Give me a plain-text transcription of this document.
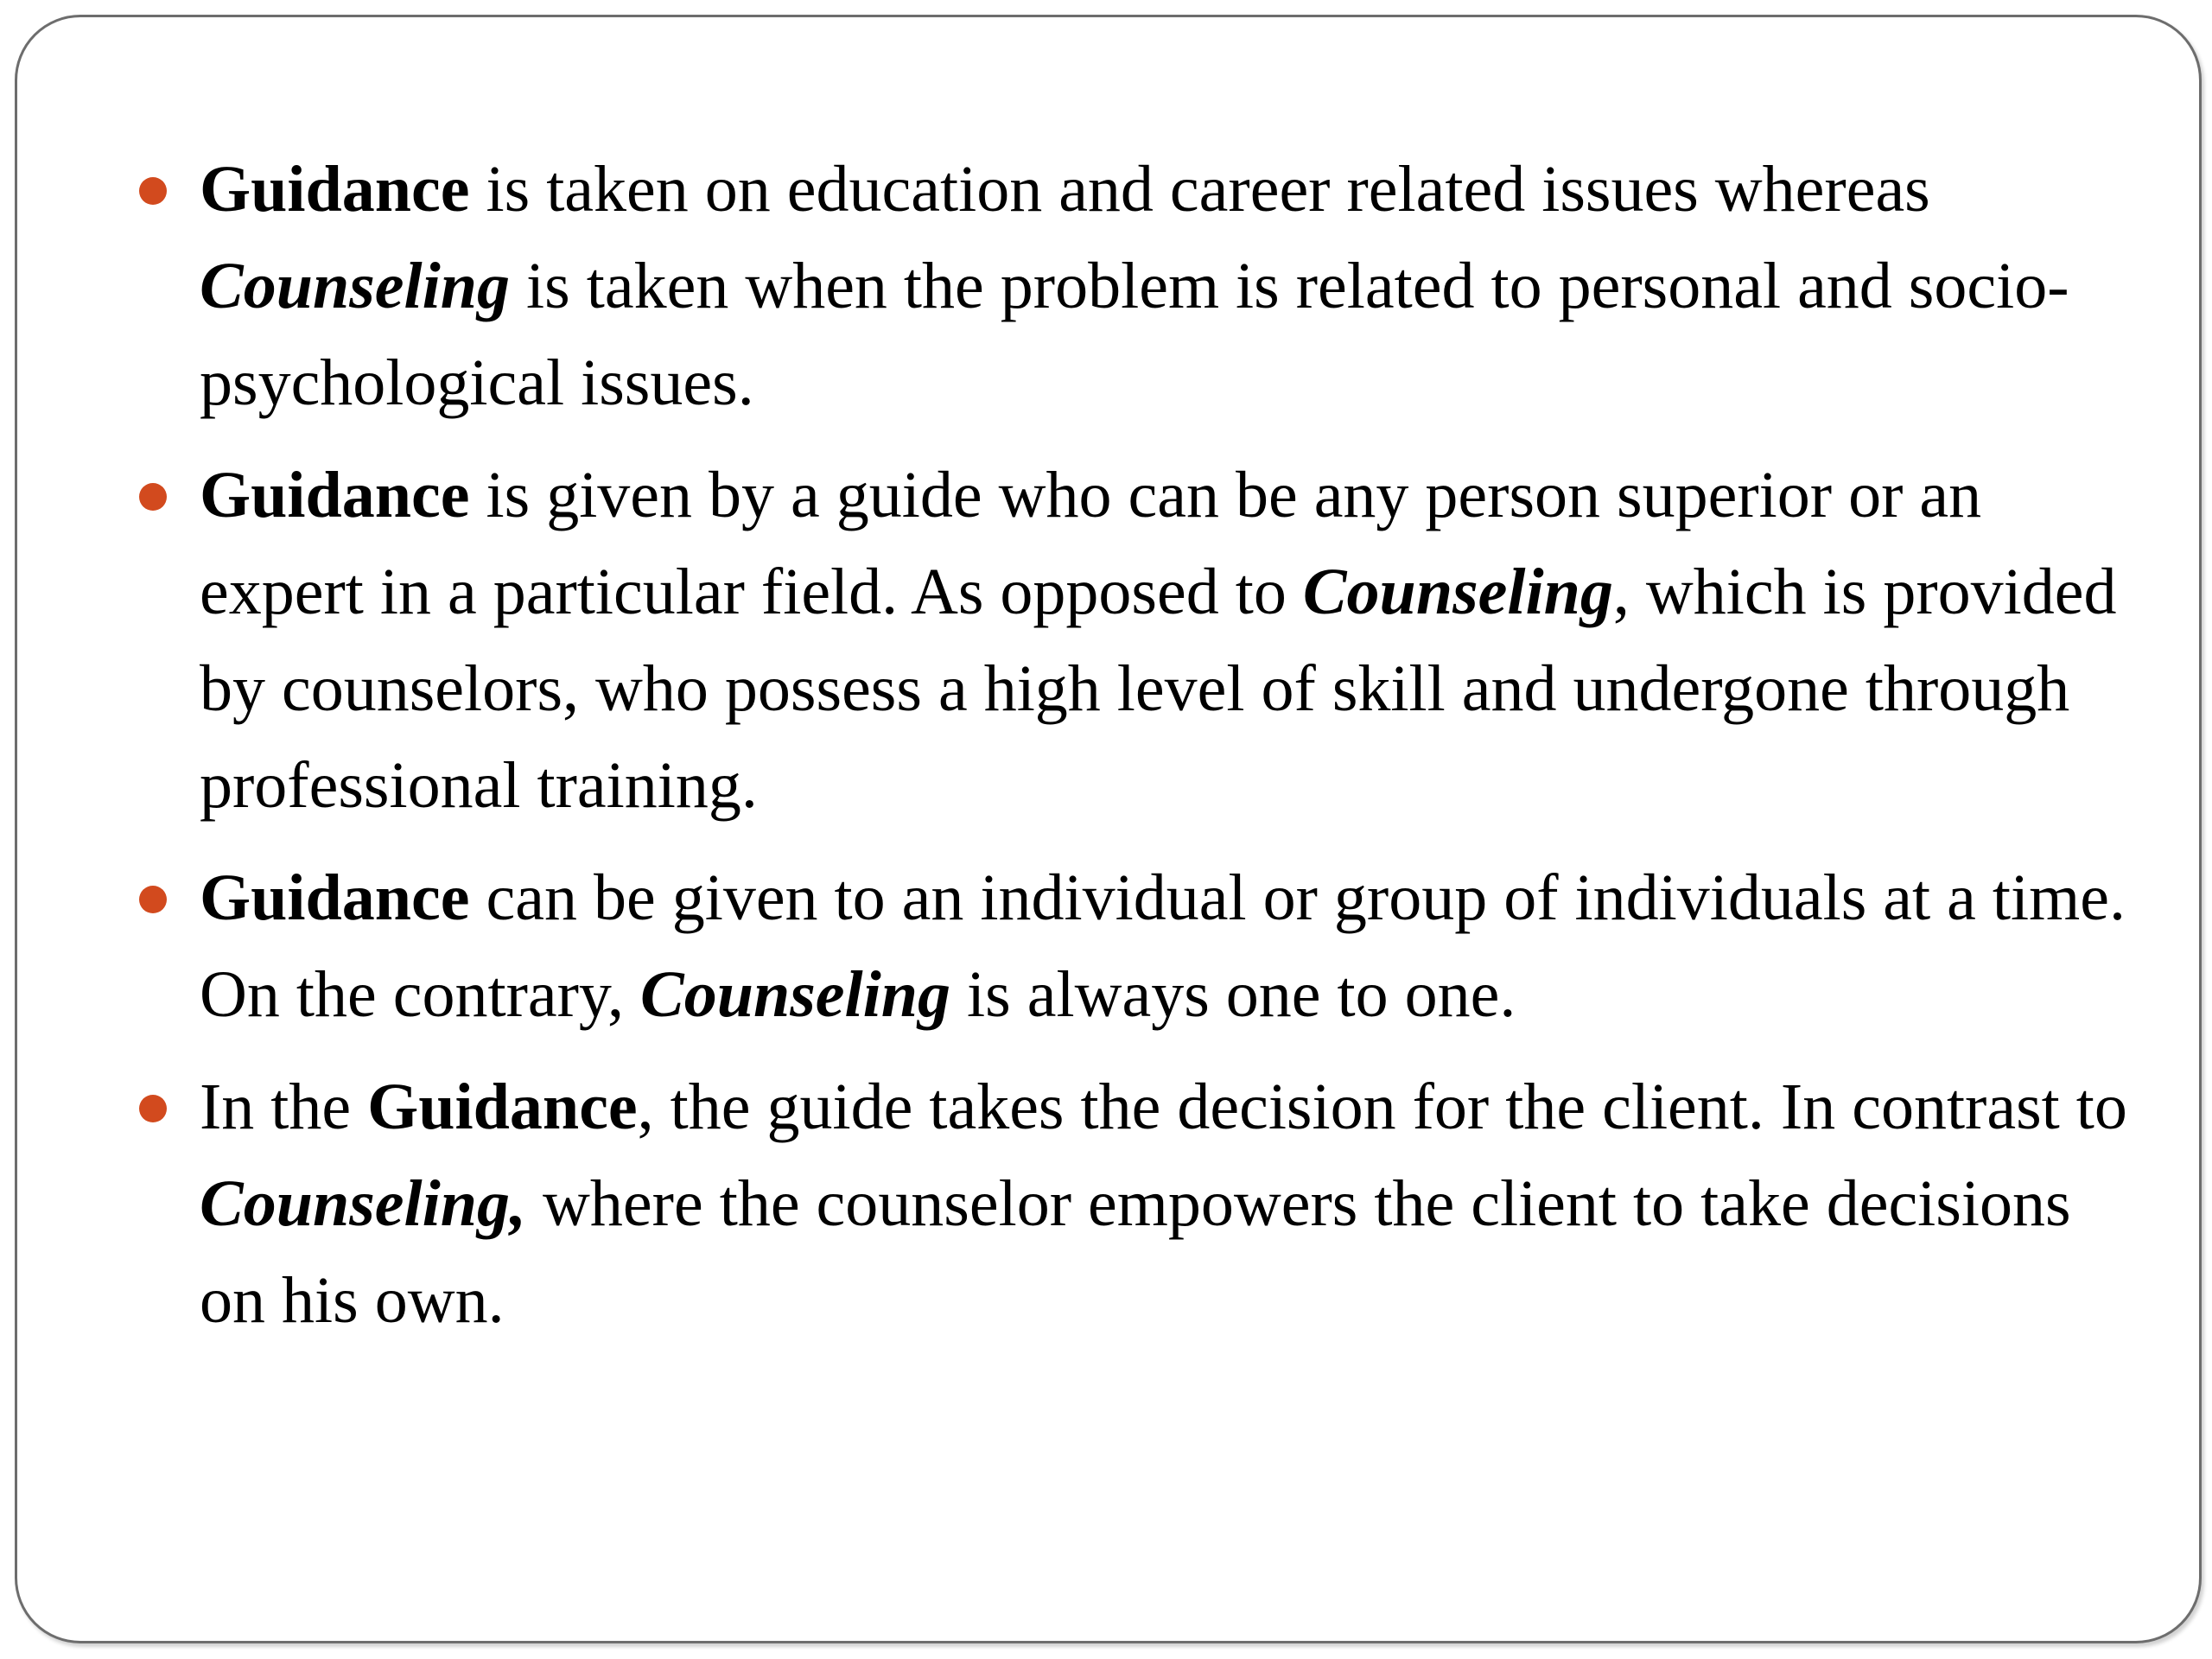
Guidance is taken on education and career related issues whereas Counseling is taken when the problem is related to personal and socio-psychological issues.
Guidance is given by a guide who can be any person superior or an expert in a particular field. As opposed to Counseling, which is provided by counselors, who possess a high level of skill and undergone through professional training.
Guidance can be given to an individual or group of individuals at a time. On the contrary, Counseling is always one to one.
In the Guidance, the guide takes the decision for the client. In contrast to Counseling, where the counselor empowers the client to take decisions on his own.
